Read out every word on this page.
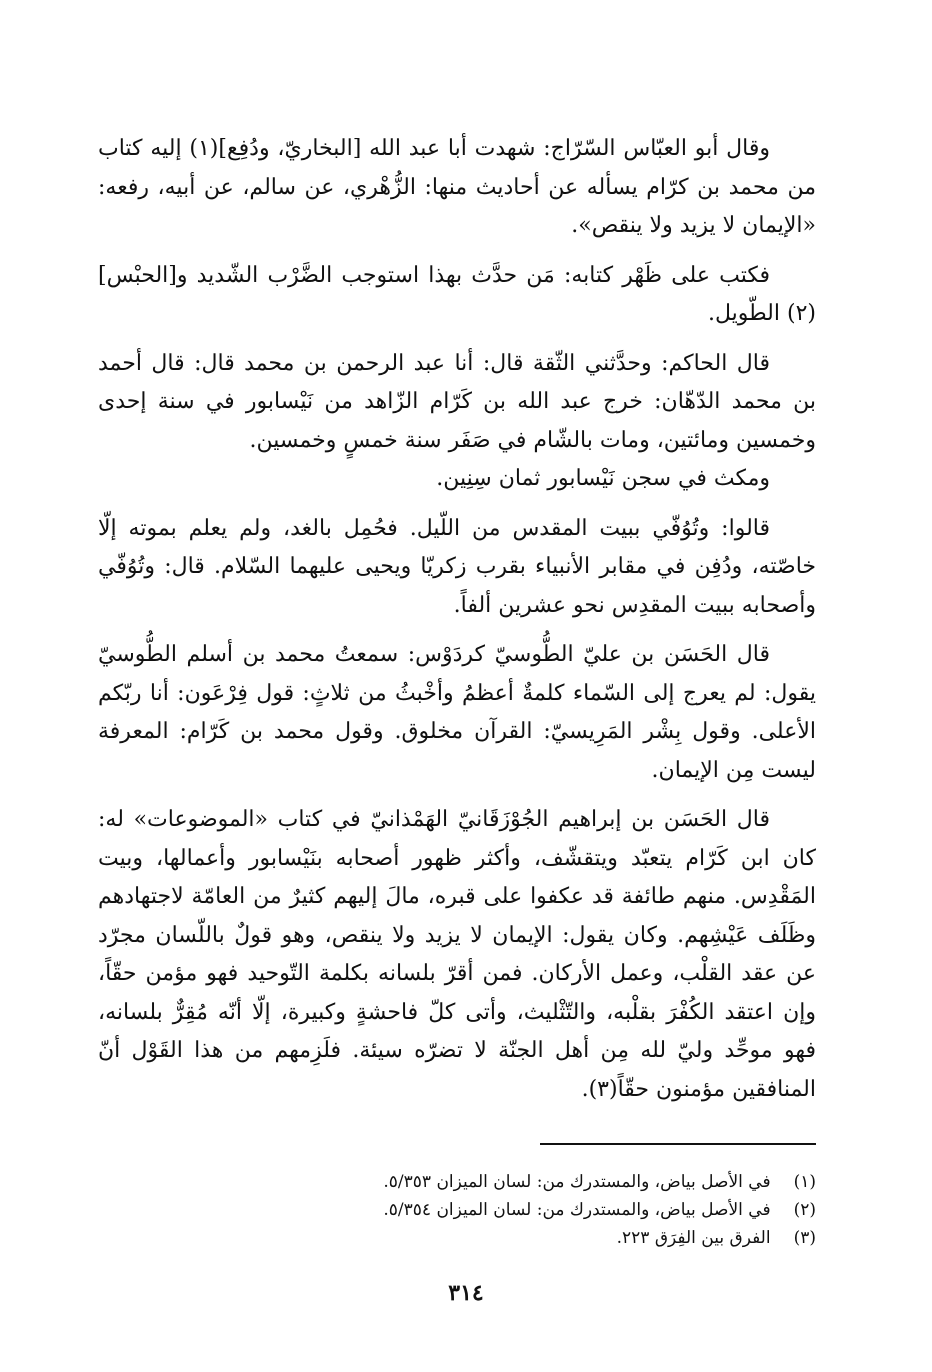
وقال أبو العبّاس السّرّاج: شهدت أبا عبد الله [البخاريّ، ودُفِع](١) إليه كتاب من محمد بن كرّام يسأله عن أحاديث منها: الزُّهْري، عن سالم، عن أبيه، رفعه: «الإيمان لا يزيد ولا ينقص».

فكتب على ظَهْر كتابه: مَن حدَّث بهذا استوجب الضَّرْب الشّديد و[الحبْس](٢) الطّويل.

قال الحاكم: وحدَّثني الثّقة قال: أنا عبد الرحمن بن محمد قال: قال أحمد بن محمد الدّهّان: خرج عبد الله بن كَرّام الزّاهد من نَيْسابور في سنة إحدى وخمسين ومائتين، ومات بالشّام في صَفَر سنة خمسٍ وخمسين.

ومكث في سجن نَيْسابور ثمان سِنِين.

قالوا: وتُوُفّي ببيت المقدس من اللّيل. فحُمِل بالغد، ولم يعلم بموته إلّا خاصّته، ودُفِن في مقابر الأنبياء بقرب زكريّا ويحيى عليهما السّلام. قال: وتُوُفّي وأصحابه ببيت المقدِس نحو عشرين ألفاً.

قال الحَسَن بن عليّ الطُّوسيّ كردَوْس: سمعتُ محمد بن أسلم الطُّوسيّ يقول: لم يعرج إلى السّماء كلمةٌ أعظمُ وأخْبثُ من ثلاثٍ: قول فِرْعَون: أنا ربّكم الأعلى. وقول بِشْر المَرِيسيّ: القرآن مخلوق. وقول محمد بن كَرّام: المعرفة ليست مِن الإيمان.

قال الحَسَن بن إبراهيم الجُوْزَقَانيّ الهَمْذانيّ في كتاب «الموضوعات» له: كان ابن كَرّام يتعبّد ويتقشّف، وأكثر ظهور أصحابه بنَيْسابور وأعمالها، وبيت المَقْدِس. منهم طائفة قد عكفوا على قبره، مالَ إليهم كثيرٌ من العامّة لاجتهادهم وظَلَف عَيْشِهم. وكان يقول: الإيمان لا يزيد ولا ينقص، وهو قولٌ باللّسان مجرّد عن عقد القلْب، وعمل الأركان. فمن أقرّ بلسانه بكلمة التّوحيد فهو مؤمن حقّاً، وإن اعتقد الكُفْرَ بقلْبه، والتّثْليث، وأتى كلّ فاحشةٍ وكبيرة، إلّا أنّه مُقِرٌّ بلسانه، فهو موحِّد وليّ لله مِن أهل الجنّة لا تضرّه سيئة. فلَزِمهم من هذا القَوْل أنّ المنافقين مؤمنون حقّاً(٣).

(١) في الأصل بياض، والمستدرك من: لسان الميزان ٥/٣٥٣.

(٢) في الأصل بياض، والمستدرك من: لسان الميزان ٥/٣٥٤.

(٣) الفرق بين الفِرَق ٢٢٣.

٣١٤
